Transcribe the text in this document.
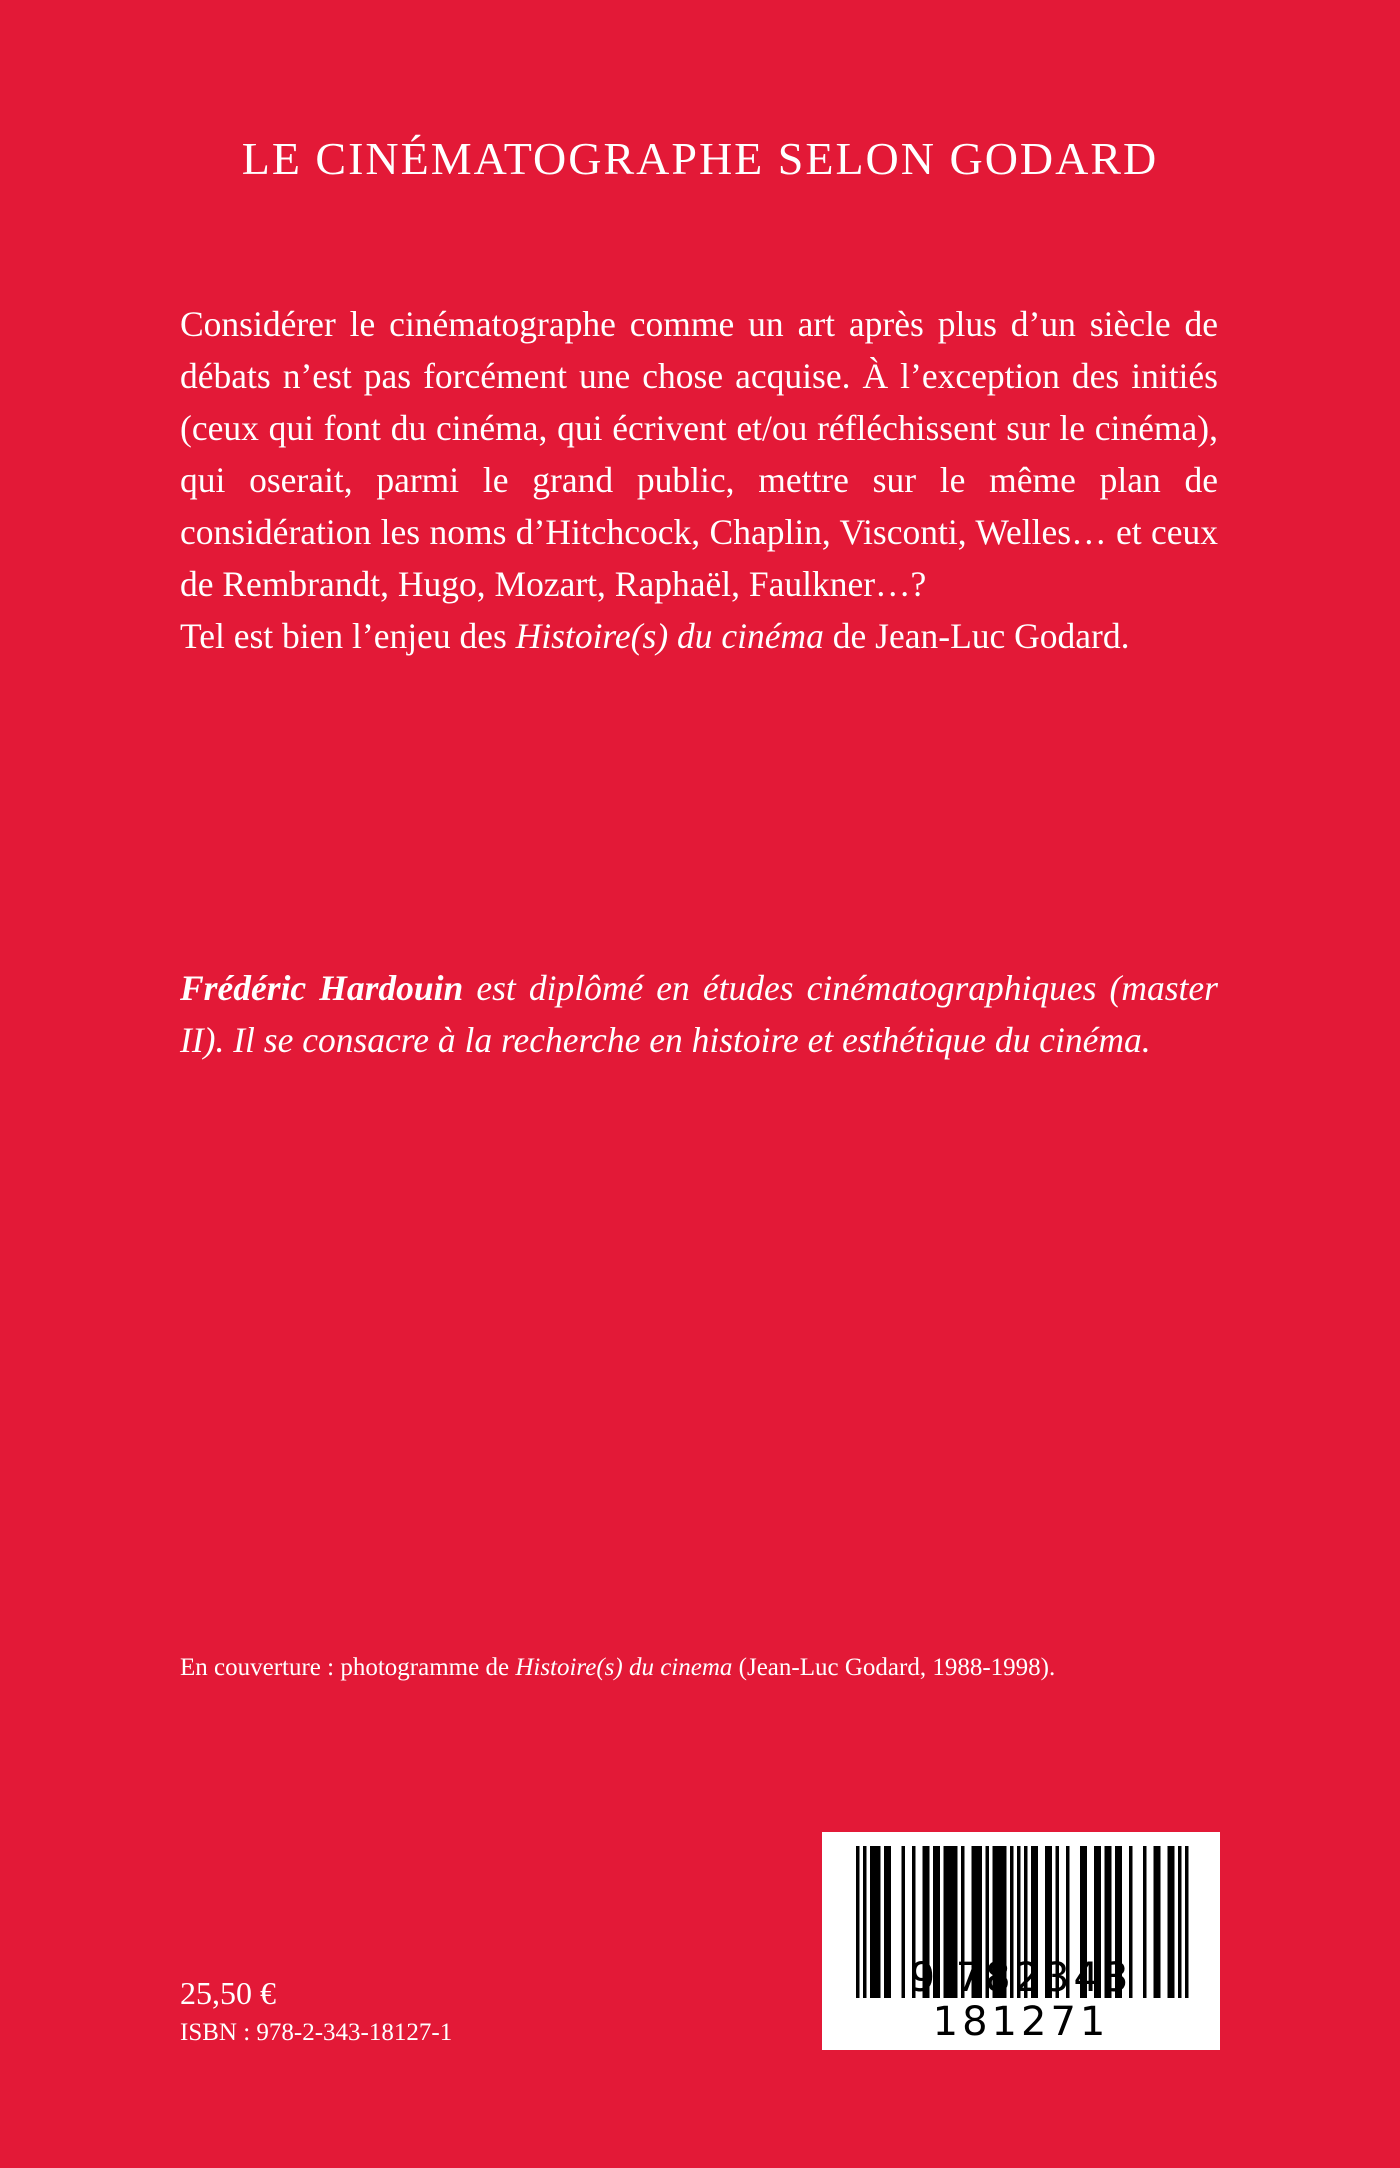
LE CINÉMATOGRAPHE SELON GODARD

Considérer le cinématographe comme un art après plus d’un siècle de débats n’est pas forcément une chose acquise. À l’exception des initiés (ceux qui font du cinéma, qui écrivent et/ou réfléchissent sur le cinéma), qui oserait, parmi le grand public, mettre sur le même plan de considération les noms d’Hitchcock, Chaplin, Visconti, Welles… et ceux de Rembrandt, Hugo, Mozart, Raphaël, Faulkner…?

Tel est bien l’enjeu des Histoire(s) du cinéma de Jean-Luc Godard.

Frédéric Hardouin est diplômé en études cinématographiques (master II). Il se consacre à la recherche en histoire et esthétique du cinéma.
En couverture : photogramme de Histoire(s) du cinema (Jean-Luc Godard, 1988-1998).
25,50 €
ISBN : 978-2-343-18127-1
9 782343 181271
